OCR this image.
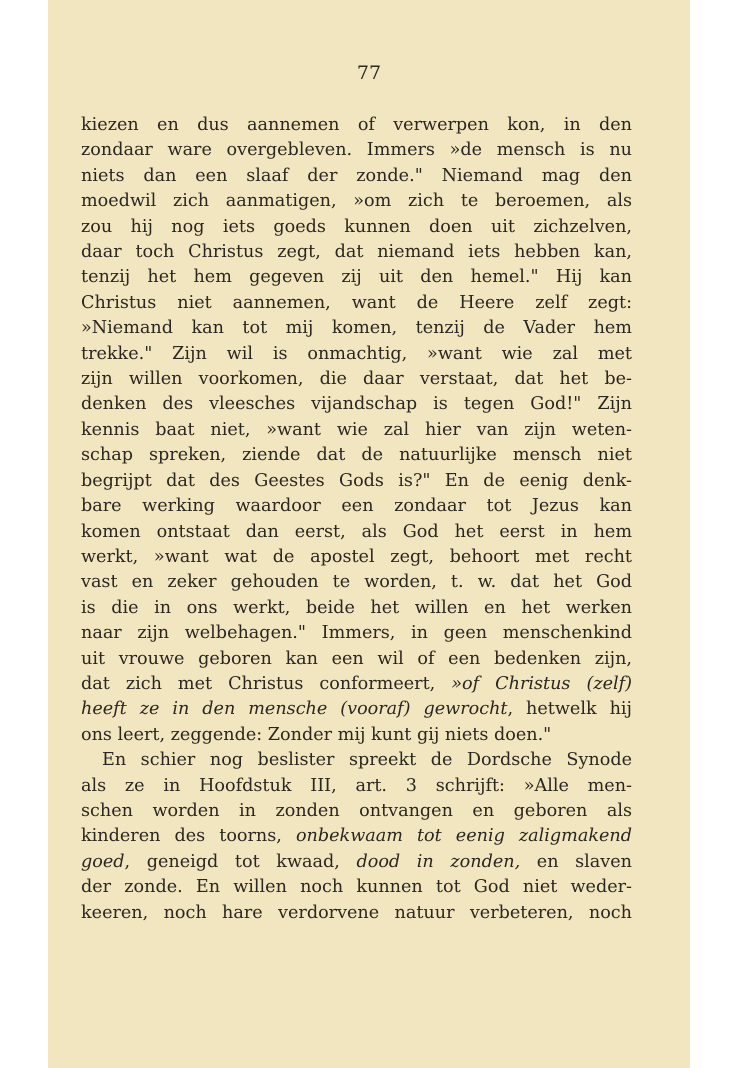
77
kiezen en dus aannemen of verwerpen kon, in den
zondaar ware overgebleven. Immers »de mensch is nu
niets dan een slaaf der zonde." Niemand mag den
moedwil zich aanmatigen, »om zich te beroemen, als
zou hij nog iets goeds kunnen doen uit zichzelven,
daar toch Christus zegt, dat niemand iets hebben kan,
tenzij het hem gegeven zij uit den hemel." Hij kan
Christus niet aannemen, want de Heere zelf zegt:
»Niemand kan tot mij komen, tenzij de Vader hem
trekke." Zijn wil is onmachtig, »want wie zal met
zijn willen voorkomen, die daar verstaat, dat het be-
denken des vleesches vijandschap is tegen God!" Zijn
kennis baat niet, »want wie zal hier van zijn weten-
schap spreken, ziende dat de natuurlijke mensch niet
begrijpt dat des Geestes Gods is?" En de eenig denk-
bare werking waardoor een zondaar tot Jezus kan
komen ontstaat dan eerst, als God het eerst in hem
werkt, »want wat de apostel zegt, behoort met recht
vast en zeker gehouden te worden, t. w. dat het God
is die in ons werkt, beide het willen en het werken
naar zijn welbehagen." Immers, in geen menschenkind
uit vrouwe geboren kan een wil of een bedenken zijn,
dat zich met Christus conformeert, »of Christus (zelf)
heeft ze in den mensche (vooraf) gewrocht, hetwelk hij
ons leert, zeggende: Zonder mij kunt gij niets doen."
En schier nog beslister spreekt de Dordsche Synode
als ze in Hoofdstuk III, art. 3 schrijft: »Alle men-
schen worden in zonden ontvangen en geboren als
kinderen des toorns, onbekwaam tot eenig zaligmakend
goed, geneigd tot kwaad, dood in zonden, en slaven
der zonde. En willen noch kunnen tot God niet weder-
keeren, noch hare verdorvene natuur verbeteren, noch
